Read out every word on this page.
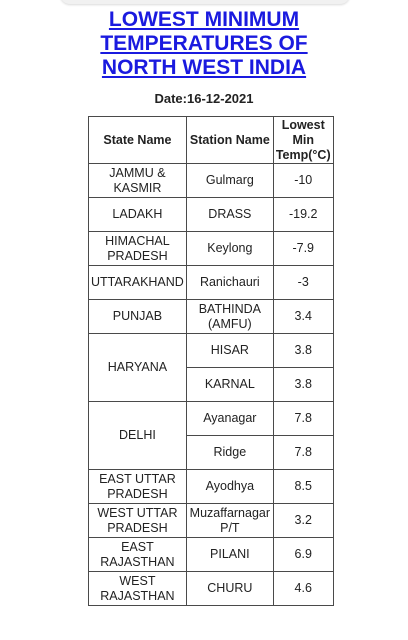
LOWEST MINIMUM
TEMPERATURES OF
NORTH WEST INDIA
Date:16-12-2021
State Name	Station Name	Lowest Min Temp(°C)
JAMMU & KASMIR	Gulmarg	-10
LADAKH	DRASS	-19.2
HIMACHAL PRADESH	Keylong	-7.9
UTTARAKHAND	Ranichauri	-3
PUNJAB	BATHINDA (AMFU)	3.4
HARYANA	HISAR	3.8
	KARNAL	3.8
DELHI	Ayanagar	7.8
	Ridge	7.8
EAST UTTAR PRADESH	Ayodhya	8.5
WEST UTTAR PRADESH	Muzaffarnagar P/T	3.2
EAST RAJASTHAN	PILANI	6.9
WEST RAJASTHAN	CHURU	4.6
